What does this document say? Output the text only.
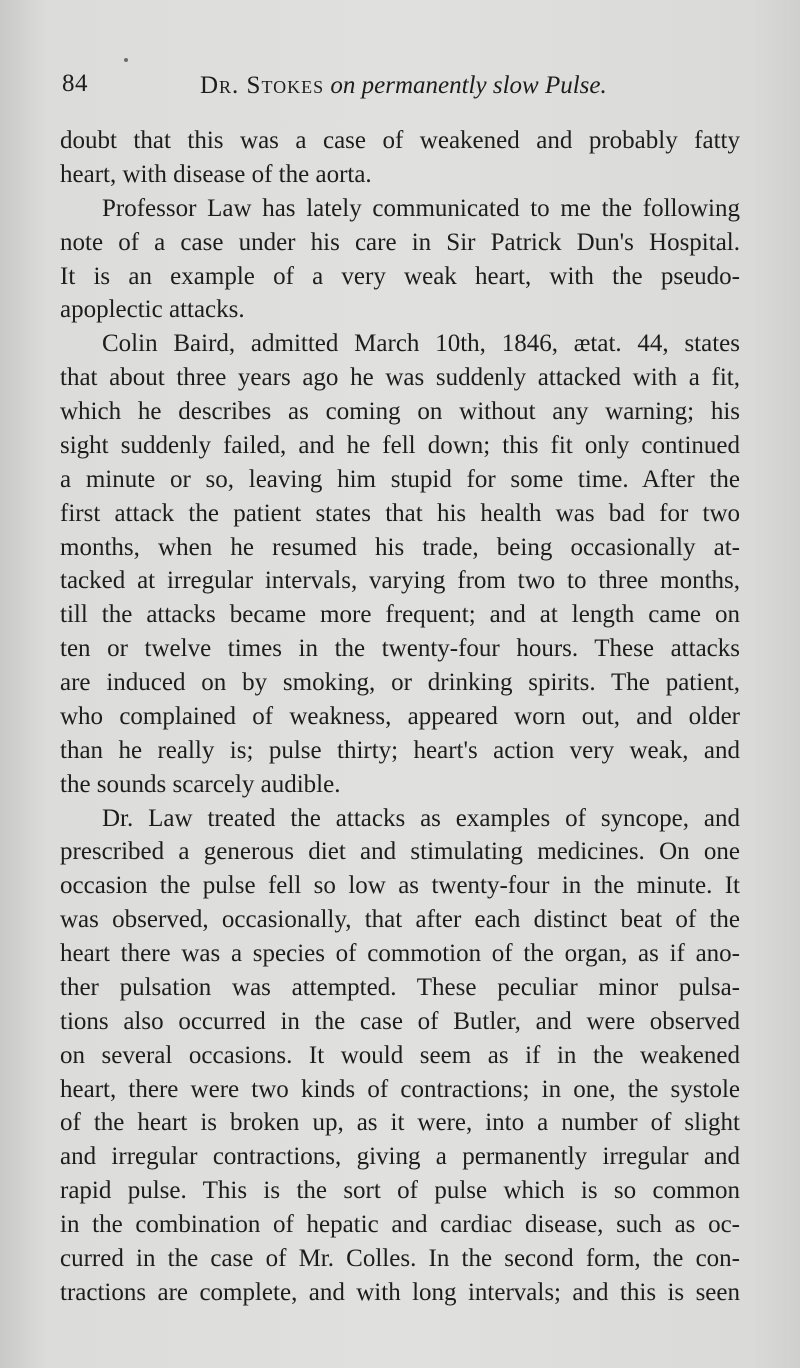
84	Dr. Stokes on permanently slow Pulse.
doubt that this was a case of weakened and probably fatty
heart, with disease of the aorta.
Professor Law has lately communicated to me the following
note of a case under his care in Sir Patrick Dun's Hospital.
It is an example of a very weak heart, with the pseudo-
apoplectic attacks.
Colin Baird, admitted March 10th, 1846, ætat. 44, states
that about three years ago he was suddenly attacked with a fit,
which he describes as coming on without any warning; his
sight suddenly failed, and he fell down; this fit only continued
a minute or so, leaving him stupid for some time. After the
first attack the patient states that his health was bad for two
months, when he resumed his trade, being occasionally at-
tacked at irregular intervals, varying from two to three months,
till the attacks became more frequent; and at length came on
ten or twelve times in the twenty-four hours. These attacks
are induced on by smoking, or drinking spirits. The patient,
who complained of weakness, appeared worn out, and older
than he really is; pulse thirty; heart's action very weak, and
the sounds scarcely audible.
Dr. Law treated the attacks as examples of syncope, and
prescribed a generous diet and stimulating medicines. On one
occasion the pulse fell so low as twenty-four in the minute. It
was observed, occasionally, that after each distinct beat of the
heart there was a species of commotion of the organ, as if ano-
ther pulsation was attempted. These peculiar minor pulsa-
tions also occurred in the case of Butler, and were observed
on several occasions. It would seem as if in the weakened
heart, there were two kinds of contractions; in one, the systole
of the heart is broken up, as it were, into a number of slight
and irregular contractions, giving a permanently irregular and
rapid pulse. This is the sort of pulse which is so common
in the combination of hepatic and cardiac disease, such as oc-
curred in the case of Mr. Colles. In the second form, the con-
tractions are complete, and with long intervals; and this is seen
